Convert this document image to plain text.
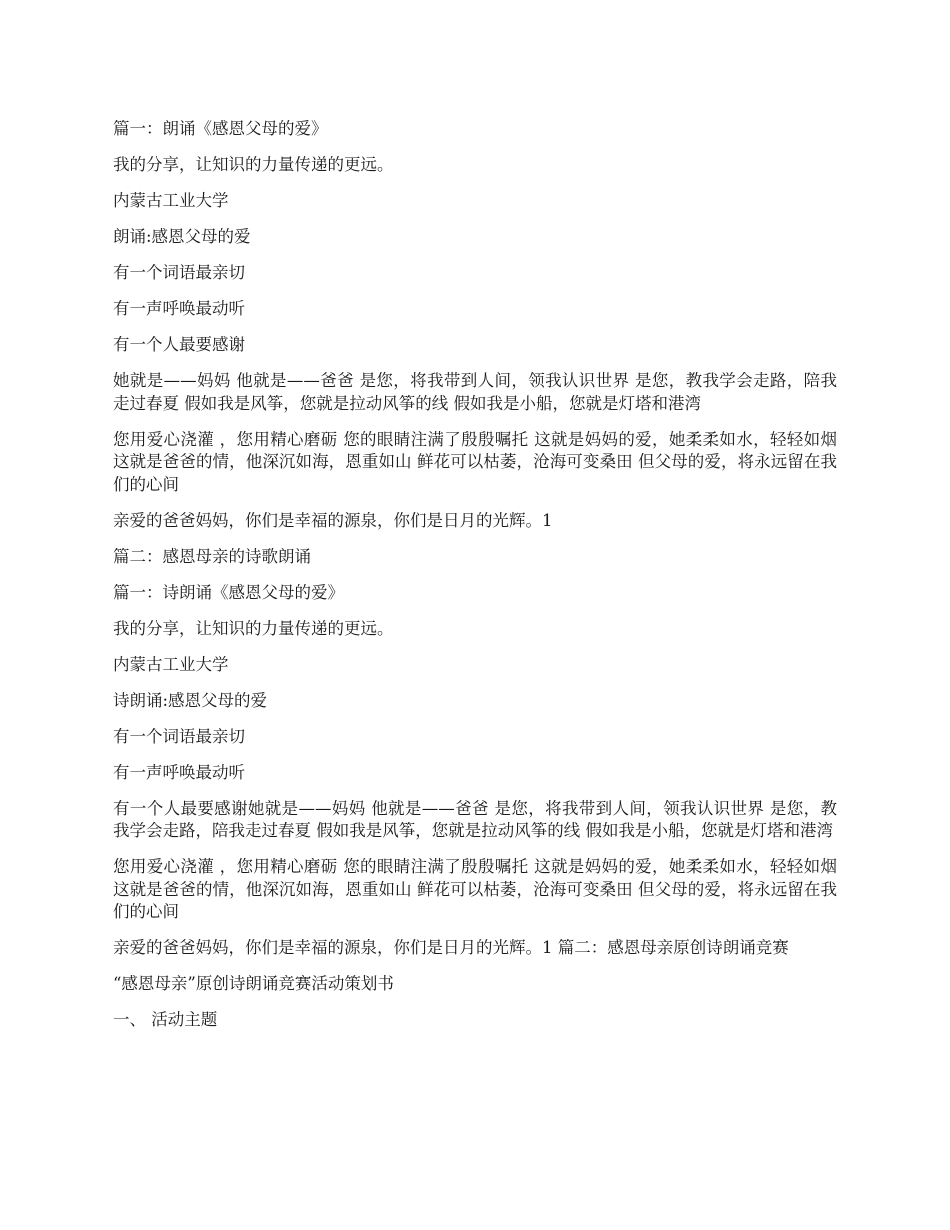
篇一：朗诵《感恩父母的爱》

我的分享，让知识的力量传递的更远。

内蒙古工业大学

朗诵:感恩父母的爱

有一个词语最亲切

有一声呼唤最动听

有一个人最要感谢

她就是——妈妈 他就是——爸爸 是您，将我带到人间，领我认识世界 是您，教我学会走路，陪我走过春夏 假如我是风筝，您就是拉动风筝的线 假如我是小船，您就是灯塔和港湾

您用爱心浇灌 ，您用精心磨砺 您的眼睛注满了殷殷嘱托 这就是妈妈的爱，她柔柔如水，轻轻如烟 这就是爸爸的情，他深沉如海，恩重如山 鲜花可以枯萎，沧海可变桑田 但父母的爱，将永远留在我们的心间

亲爱的爸爸妈妈，你们是幸福的源泉，你们是日月的光辉。1

篇二：感恩母亲的诗歌朗诵

篇一：诗朗诵《感恩父母的爱》

我的分享，让知识的力量传递的更远。

内蒙古工业大学

诗朗诵:感恩父母的爱

有一个词语最亲切

有一声呼唤最动听

有一个人最要感谢她就是——妈妈 他就是——爸爸 是您，将我带到人间，领我认识世界 是您，教我学会走路，陪我走过春夏 假如我是风筝，您就是拉动风筝的线 假如我是小船，您就是灯塔和港湾

您用爱心浇灌 ，您用精心磨砺 您的眼睛注满了殷殷嘱托 这就是妈妈的爱，她柔柔如水，轻轻如烟 这就是爸爸的情，他深沉如海，恩重如山 鲜花可以枯萎，沧海可变桑田 但父母的爱，将永远留在我们的心间

亲爱的爸爸妈妈，你们是幸福的源泉，你们是日月的光辉。1 篇二：感恩母亲原创诗朗诵竞赛

“感恩母亲”原创诗朗诵竞赛活动策划书

一、 活动主题
